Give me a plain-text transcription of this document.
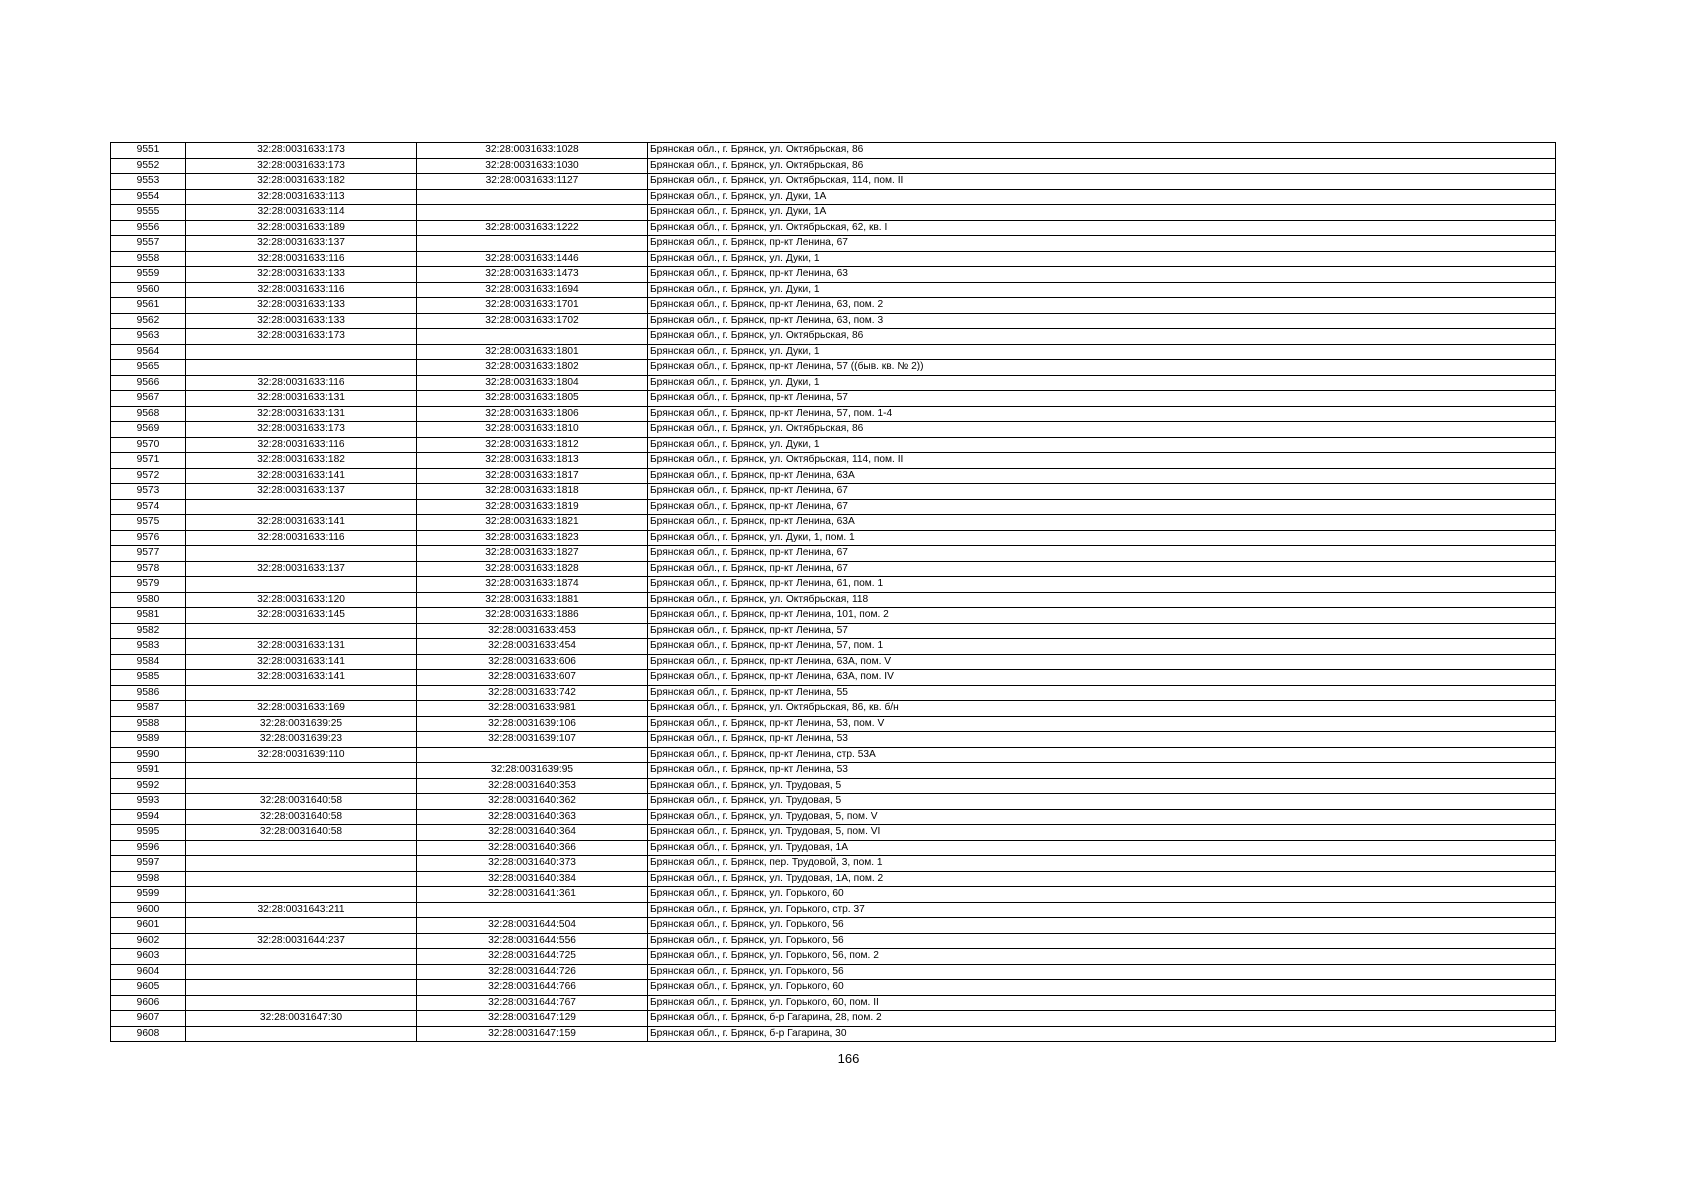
9551	32:28:0031633:173	32:28:0031633:1028	Брянская обл., г. Брянск, ул. Октябрьская, 86
9552	32:28:0031633:173	32:28:0031633:1030	Брянская обл., г. Брянск, ул. Октябрьская, 86
9553	32:28:0031633:182	32:28:0031633:1127	Брянская обл., г. Брянск, ул. Октябрьская, 114, пом. II
9554	32:28:0031633:113		Брянская обл., г. Брянск, ул. Дуки, 1А
9555	32:28:0031633:114		Брянская обл., г. Брянск, ул. Дуки, 1А
9556	32:28:0031633:189	32:28:0031633:1222	Брянская обл., г. Брянск, ул. Октябрьская, 62, кв. I
9557	32:28:0031633:137		Брянская обл., г. Брянск, пр-кт Ленина, 67
9558	32:28:0031633:116	32:28:0031633:1446	Брянская обл., г. Брянск, ул. Дуки, 1
9559	32:28:0031633:133	32:28:0031633:1473	Брянская обл., г. Брянск, пр-кт Ленина, 63
9560	32:28:0031633:116	32:28:0031633:1694	Брянская обл., г. Брянск, ул. Дуки, 1
9561	32:28:0031633:133	32:28:0031633:1701	Брянская обл., г. Брянск, пр-кт Ленина, 63, пом. 2
9562	32:28:0031633:133	32:28:0031633:1702	Брянская обл., г. Брянск, пр-кт Ленина, 63, пом. 3
9563	32:28:0031633:173		Брянская обл., г. Брянск, ул. Октябрьская, 86
9564		32:28:0031633:1801	Брянская обл., г. Брянск, ул. Дуки, 1
9565		32:28:0031633:1802	Брянская обл., г. Брянск, пр-кт Ленина, 57 ((быв. кв. № 2))
9566	32:28:0031633:116	32:28:0031633:1804	Брянская обл., г. Брянск, ул. Дуки, 1
9567	32:28:0031633:131	32:28:0031633:1805	Брянская обл., г. Брянск, пр-кт Ленина, 57
9568	32:28:0031633:131	32:28:0031633:1806	Брянская обл., г. Брянск, пр-кт Ленина, 57, пом. 1-4
9569	32:28:0031633:173	32:28:0031633:1810	Брянская обл., г. Брянск, ул. Октябрьская, 86
9570	32:28:0031633:116	32:28:0031633:1812	Брянская обл., г. Брянск, ул. Дуки, 1
9571	32:28:0031633:182	32:28:0031633:1813	Брянская обл., г. Брянск, ул. Октябрьская, 114, пом. II
9572	32:28:0031633:141	32:28:0031633:1817	Брянская обл., г. Брянск, пр-кт Ленина, 63А
9573	32:28:0031633:137	32:28:0031633:1818	Брянская обл., г. Брянск, пр-кт Ленина, 67
9574		32:28:0031633:1819	Брянская обл., г. Брянск, пр-кт Ленина, 67
9575	32:28:0031633:141	32:28:0031633:1821	Брянская обл., г. Брянск, пр-кт Ленина, 63А
9576	32:28:0031633:116	32:28:0031633:1823	Брянская обл., г. Брянск, ул. Дуки, 1, пом. 1
9577		32:28:0031633:1827	Брянская обл., г. Брянск, пр-кт Ленина, 67
9578	32:28:0031633:137	32:28:0031633:1828	Брянская обл., г. Брянск, пр-кт Ленина, 67
9579		32:28:0031633:1874	Брянская обл., г. Брянск, пр-кт Ленина, 61, пом. 1
9580	32:28:0031633:120	32:28:0031633:1881	Брянская обл., г. Брянск, ул. Октябрьская, 118
9581	32:28:0031633:145	32:28:0031633:1886	Брянская обл., г. Брянск, пр-кт Ленина, 101, пом. 2
9582		32:28:0031633:453	Брянская обл., г. Брянск, пр-кт Ленина, 57
9583	32:28:0031633:131	32:28:0031633:454	Брянская обл., г. Брянск, пр-кт Ленина, 57, пом. 1
9584	32:28:0031633:141	32:28:0031633:606	Брянская обл., г. Брянск, пр-кт Ленина, 63А, пом. V
9585	32:28:0031633:141	32:28:0031633:607	Брянская обл., г. Брянск, пр-кт Ленина, 63А, пом. IV
9586		32:28:0031633:742	Брянская обл., г. Брянск, пр-кт Ленина, 55
9587	32:28:0031633:169	32:28:0031633:981	Брянская обл., г. Брянск, ул. Октябрьская, 86, кв. б/н
9588	32:28:0031639:25	32:28:0031639:106	Брянская обл., г. Брянск, пр-кт Ленина, 53, пом. V
9589	32:28:0031639:23	32:28:0031639:107	Брянская обл., г. Брянск, пр-кт Ленина, 53
9590	32:28:0031639:110		Брянская обл., г. Брянск, пр-кт Ленина, стр. 53А
9591		32:28:0031639:95	Брянская обл., г. Брянск, пр-кт Ленина, 53
9592		32:28:0031640:353	Брянская обл., г. Брянск, ул. Трудовая, 5
9593	32:28:0031640:58	32:28:0031640:362	Брянская обл., г. Брянск, ул. Трудовая, 5
9594	32:28:0031640:58	32:28:0031640:363	Брянская обл., г. Брянск, ул. Трудовая, 5, пом. V
9595	32:28:0031640:58	32:28:0031640:364	Брянская обл., г. Брянск, ул. Трудовая, 5, пом. VI
9596		32:28:0031640:366	Брянская обл., г. Брянск, ул. Трудовая, 1А
9597		32:28:0031640:373	Брянская обл., г. Брянск, пер. Трудовой, 3, пом. 1
9598		32:28:0031640:384	Брянская обл., г. Брянск, ул. Трудовая, 1А, пом. 2
9599		32:28:0031641:361	Брянская обл., г. Брянск, ул. Горького, 60
9600	32:28:0031643:211		Брянская обл., г. Брянск, ул. Горького, стр. 37
9601		32:28:0031644:504	Брянская обл., г. Брянск, ул. Горького, 56
9602	32:28:0031644:237	32:28:0031644:556	Брянская обл., г. Брянск, ул. Горького, 56
9603		32:28:0031644:725	Брянская обл., г. Брянск, ул. Горького, 56, пом. 2
9604		32:28:0031644:726	Брянская обл., г. Брянск, ул. Горького, 56
9605		32:28:0031644:766	Брянская обл., г. Брянск, ул. Горького, 60
9606		32:28:0031644:767	Брянская обл., г. Брянск, ул. Горького, 60, пом. II
9607	32:28:0031647:30	32:28:0031647:129	Брянская обл., г. Брянск, б-р Гагарина, 28, пом. 2
9608		32:28:0031647:159	Брянская обл., г. Брянск, б-р Гагарина, 30
166
